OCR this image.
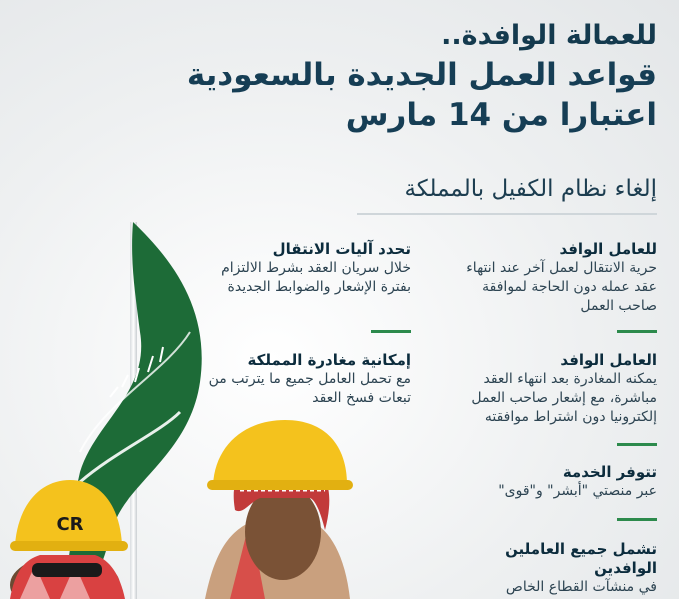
للعمالة الوافدة..
قواعد العمل الجديدة بالسعودية اعتبارا من 14 مارس
إلغاء نظام الكفيل بالمملكة
للعامل الوافد
حرية الانتقال لعمل آخر عند انتهاء عقد عمله دون الحاجة لموافقة صاحب العمل
العامل الوافد
يمكنه المغادرة بعد انتهاء العقد مباشرة، مع إشعار صاحب العمل إلكترونيا دون اشتراط موافقته
تتوفر الخدمة
عبر منصتي "أبشر" و"قوى"
تشمل جميع العاملين الوافدين
في منشآت القطاع الخاص
تحدد آليات الانتقال
خلال سريان العقد بشرط الالتزام بفترة الإشعار والضوابط الجديدة
إمكانية مغادرة المملكة
مع تحمل العامل جميع ما يترتب من تبعات فسخ العقد
CR
